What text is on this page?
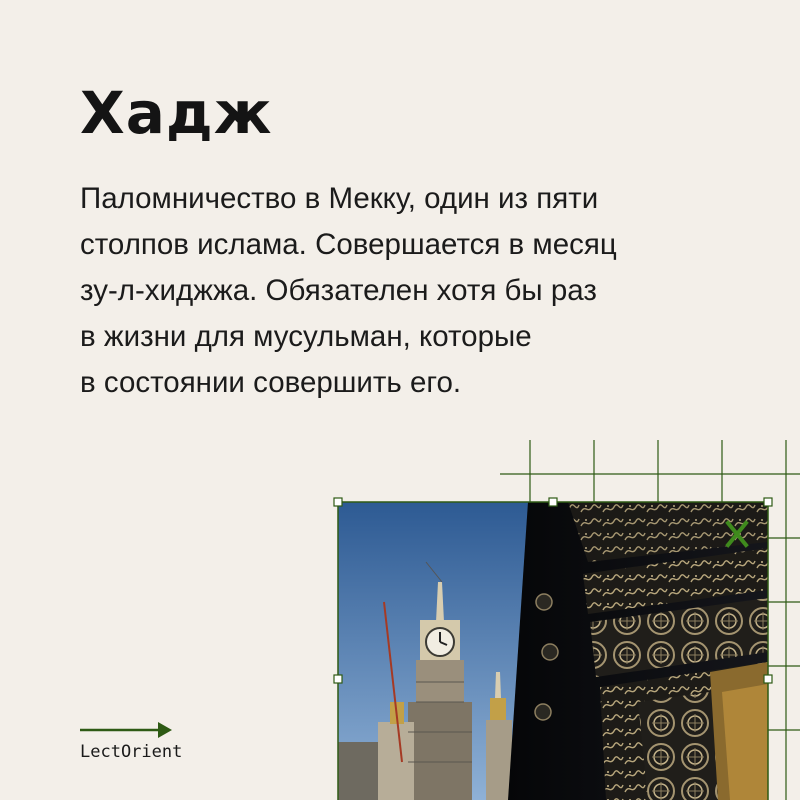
Хадж
Паломничество в Мекку, один из пяти
столпов ислама. Совершается в месяц
зу-л-хиджжа. Обязателен хотя бы раз
в жизни для мусульман, которые
в состоянии совершить его.
LectOrient
